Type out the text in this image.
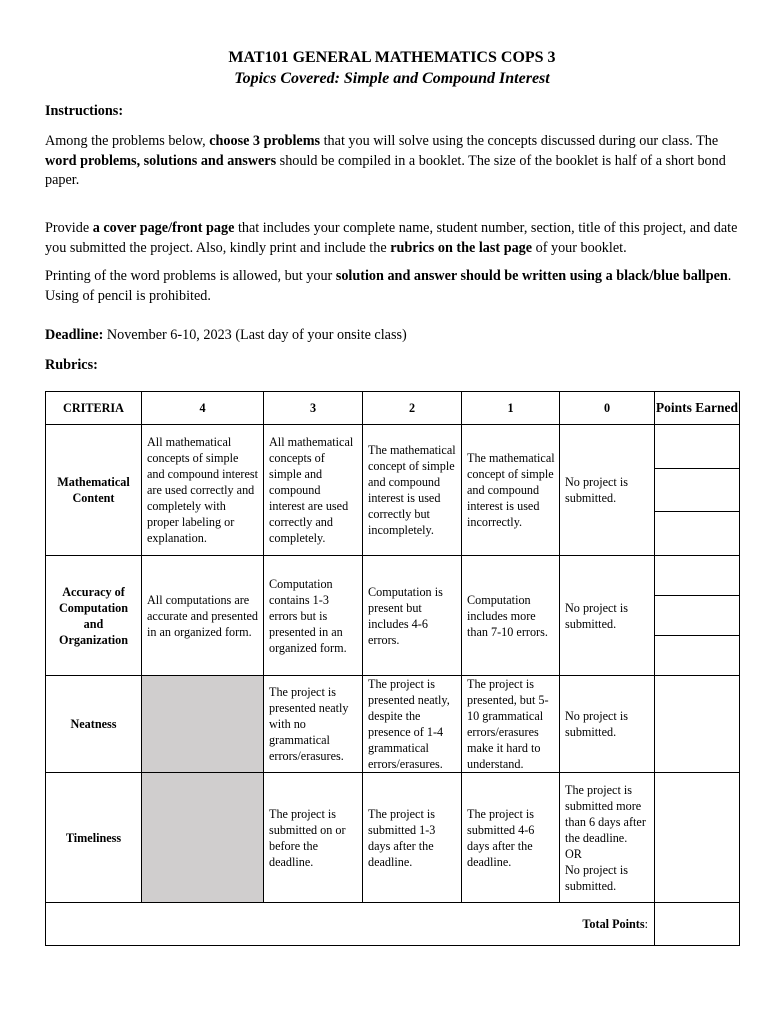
MAT101 GENERAL MATHEMATICS COPS 3
Topics Covered: Simple and Compound Interest
Instructions:
Among the problems below, choose 3 problems that you will solve using the concepts discussed during our class. The word problems, solutions and answers should be compiled in a booklet. The size of the booklet is half of a short bond paper.
Provide a cover page/front page that includes your complete name, student number, section, title of this project, and date you submitted the project. Also, kindly print and include the rubrics on the last page of your booklet.
Printing of the word problems is allowed, but your solution and answer should be written using a black/blue ballpen. Using of pencil is prohibited.
Deadline: November 6-10, 2023 (Last day of your onsite class)
Rubrics:
CRITERIA	4	3	2	1	0	Points Earned
Mathematical Content	All mathematical concepts of simple and compound interest are used correctly and completely with proper labeling or explanation.	All mathematical concepts of simple and compound interest are used correctly and completely.	The mathematical concept of simple and compound interest is used correctly but incompletely.	The mathematical concept of simple and compound interest is used incorrectly.	No project is submitted.	

Accuracy of Computation and Organization	All computations are accurate and presented in an organized form.	Computation contains 1-3 errors but is presented in an organized form.	Computation is present but includes 4-6 errors.	Computation includes more than 7-10 errors.	No project is submitted.	

Neatness		The project is presented neatly with no grammatical errors/erasures.	The project is presented neatly, despite the presence of 1-4 grammatical errors/erasures.	The project is presented, but 5-10 grammatical errors/erasures make it hard to understand.	No project is submitted.	
Timeliness		The project is submitted on or before the deadline.	The project is submitted 1-3 days after the deadline.	The project is submitted 4-6 days after the deadline.	The project is submitted more than 6 days after the deadline.
OR
No project is submitted.	
Total Points:						
